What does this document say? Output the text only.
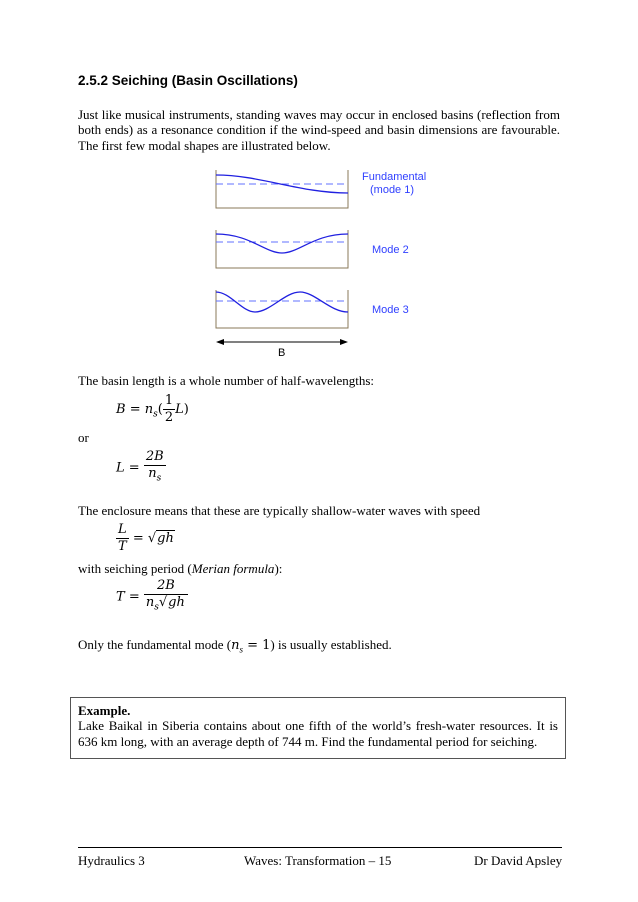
2.5.2 Seiching (Basin Oscillations)
Just like musical instruments, standing waves may occur in enclosed basins (reflection from both ends) as a resonance condition if the wind-speed and basin dimensions are favourable. The first few modal shapes are illustrated below.
Fundamental
(mode 1)
Mode 2
Mode 3
B
The basin length is a whole number of half-wavelengths:
$B = n_s( \frac{1}{2} L)$
or
$L = \frac{2B}{n_s}$
The enclosure means that these are typically shallow-water waves with speed
$\frac{L}{T} = √gh$
with seiching period (Merian formula):
$T = \frac{2B}{n_s√gh}$
Only the fundamental mode $(n_s = 1)$ is usually established.
Example.
Lake Baikal in Siberia contains about one fifth of the world’s fresh-water resources. It is 636 km long, with an average depth of 744 m. Find the fundamental period for seiching.
Hydraulics 3	Waves: Transformation – 15	Dr David Apsley
